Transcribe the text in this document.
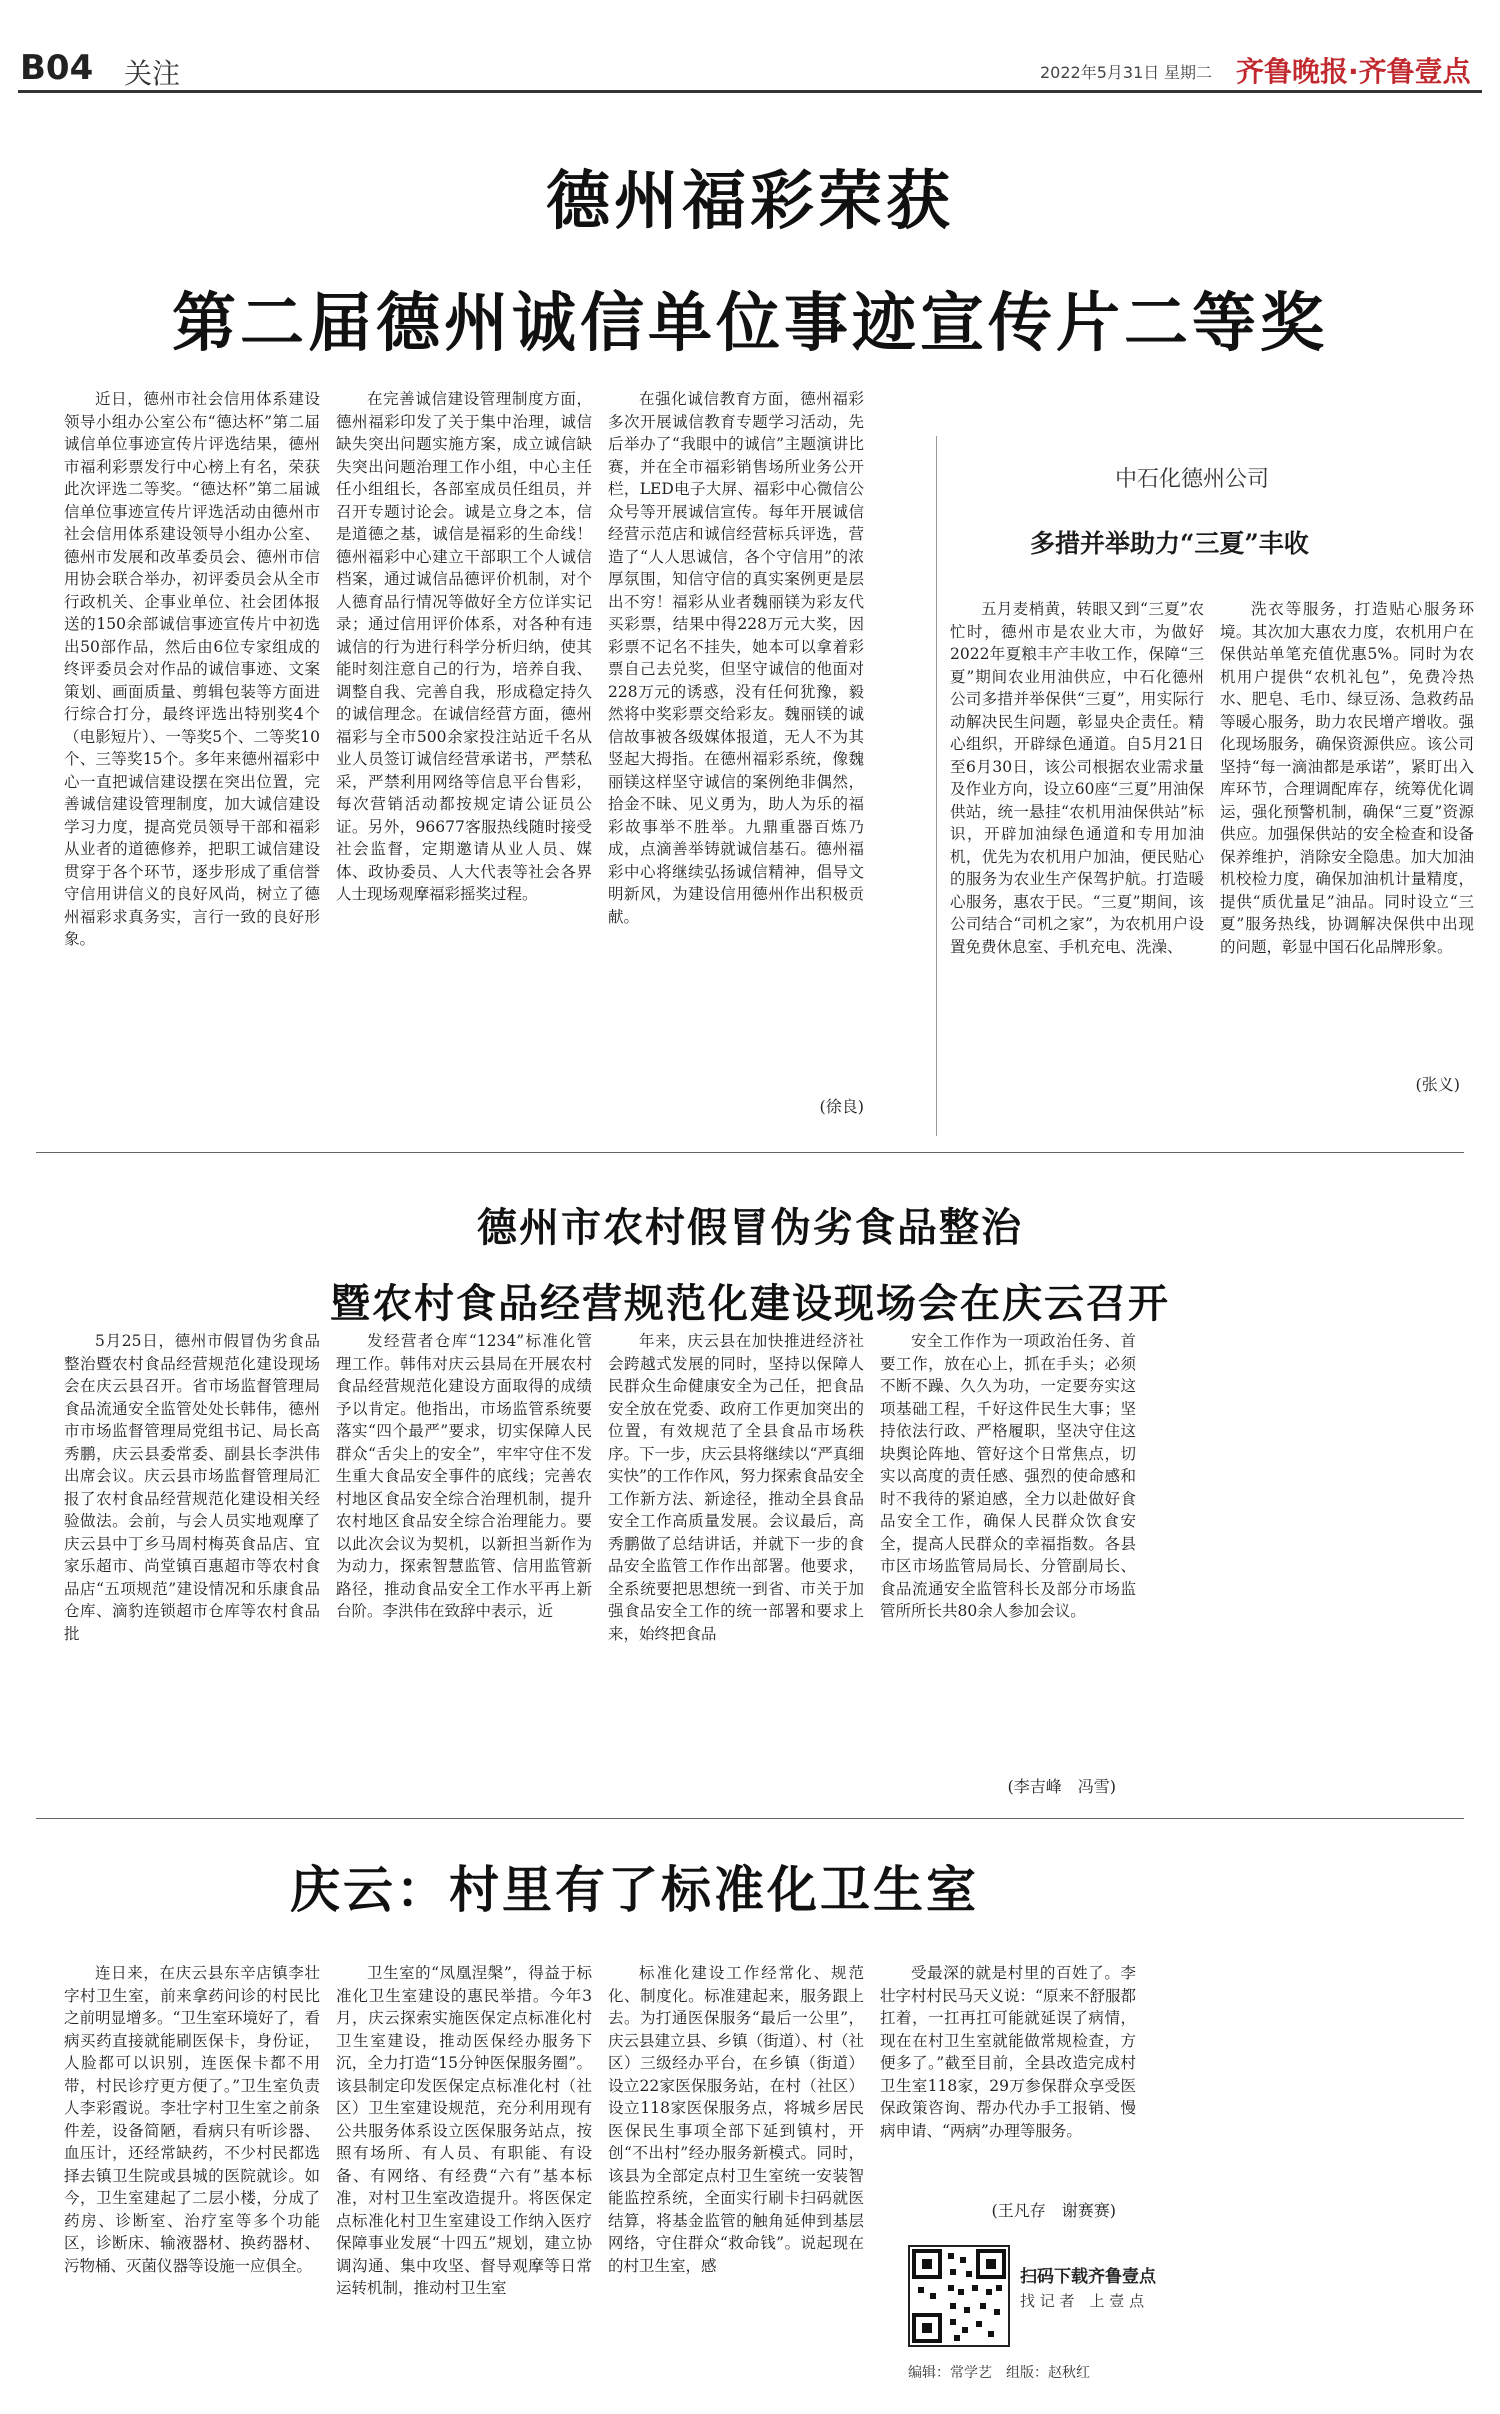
B04 关注	2022年5月31日 星期二 齐鲁晚报·齐鲁壹点
德州福彩荣获
第二届德州诚信单位事迹宣传片二等奖

近日，德州市社会信用体系建设领导小组办公室公布“德达杯”第二届诚信单位事迹宣传片评选结果，德州市福利彩票发行中心榜上有名，荣获此次评选二等奖。“德达杯”第二届诚信单位事迹宣传片评选活动由德州市社会信用体系建设领导小组办公室、德州市发展和改革委员会、德州市信用协会联合举办，初评委员会从全市行政机关、企事业单位、社会团体报送的150余部诚信事迹宣传片中初选出50部作品，然后由6位专家组成的终评委员会对作品的诚信事迹、文案策划、画面质量、剪辑包装等方面进行综合打分，最终评选出特别奖4个（电影短片）、一等奖5个、二等奖10个、三等奖15个。多年来德州福彩中心一直把诚信建设摆在突出位置，完善诚信建设管理制度，加大诚信建设学习力度，提高党员领导干部和福彩从业者的道德修养，把职工诚信建设贯穿于各个环节，逐步形成了重信誉守信用讲信义的良好风尚，树立了德州福彩求真务实，言行一致的良好形象。

在完善诚信建设管理制度方面，德州福彩印发了关于集中治理，诚信缺失突出问题实施方案，成立诚信缺失突出问题治理工作小组，中心主任任小组组长，各部室成员任组员，并召开专题讨论会。诚是立身之本，信是道德之基，诚信是福彩的生命线！德州福彩中心建立干部职工个人诚信档案，通过诚信品德评价机制，对个人德育品行情况等做好全方位详实记录；通过信用评价体系，对各种有违诚信的行为进行科学分析归纳，使其能时刻注意自己的行为，培养自我、调整自我、完善自我，形成稳定持久的诚信理念。在诚信经营方面，德州福彩与全市500余家投注站近千名从业人员签订诚信经营承诺书，严禁私采，严禁利用网络等信息平台售彩，每次营销活动都按规定请公证员公证。另外，96677客服热线随时接受社会监督，定期邀请从业人员、媒体、政协委员、人大代表等社会各界人士现场观摩福彩摇奖过程。

在强化诚信教育方面，德州福彩多次开展诚信教育专题学习活动，先后举办了“我眼中的诚信”主题演讲比赛，并在全市福彩销售场所业务公开栏，LED电子大屏、福彩中心微信公众号等开展诚信宣传。每年开展诚信经营示范店和诚信经营标兵评选，营造了“人人思诚信，各个守信用”的浓厚氛围，知信守信的真实案例更是层出不穷！福彩从业者魏丽镁为彩友代买彩票，结果中得228万元大奖，因彩票不记名不挂失，她本可以拿着彩票自己去兑奖，但坚守诚信的他面对228万元的诱惑，没有任何犹豫，毅然将中奖彩票交给彩友。魏丽镁的诚信故事被各级媒体报道，无人不为其竖起大拇指。在德州福彩系统，像魏丽镁这样坚守诚信的案例绝非偶然，拾金不昧、见义勇为，助人为乐的福彩故事举不胜举。九鼎重器百炼乃成，点滴善举铸就诚信基石。德州福彩中心将继续弘扬诚信精神，倡导文明新风，为建设信用德州作出积极贡献。

(徐良)
中石化德州公司
多措并举助力“三夏”丰收

五月麦梢黄，转眼又到“三夏”农忙时，德州市是农业大市，为做好2022年夏粮丰产丰收工作，保障“三夏”期间农业用油供应，中石化德州公司多措并举保供“三夏”，用实际行动解决民生问题，彰显央企责任。精心组织，开辟绿色通道。自5月21日至6月30日，该公司根据农业需求量及作业方向，设立60座“三夏”用油保供站，统一悬挂“农机用油保供站”标识，开辟加油绿色通道和专用加油机，优先为农机用户加油，便民贴心的服务为农业生产保驾护航。打造暖心服务，惠农于民。“三夏”期间，该公司结合“司机之家”，为农机用户设置免费休息室、手机充电、洗澡、

洗衣等服务，打造贴心服务环境。其次加大惠农力度，农机用户在保供站单笔充值优惠5%。同时为农机用户提供“农机礼包”，免费冷热水、肥皂、毛巾、绿豆汤、急救药品等暖心服务，助力农民增产增收。强化现场服务，确保资源供应。该公司坚持“每一滴油都是承诺”，紧盯出入库环节，合理调配库存，统筹优化调运，强化预警机制，确保“三夏”资源供应。加强保供站的安全检查和设备保养维护，消除安全隐患。加大加油机校检力度，确保加油机计量精度，提供“质优量足”油品。同时设立“三夏”服务热线，协调解决保供中出现的问题，彰显中国石化品牌形象。

(张义)
德州市农村假冒伪劣食品整治
暨农村食品经营规范化建设现场会在庆云召开

5月25日，德州市假冒伪劣食品整治暨农村食品经营规范化建设现场会在庆云县召开。省市场监督管理局食品流通安全监管处处长韩伟，德州市市场监督管理局党组书记、局长高秀鹏，庆云县委常委、副县长李洪伟出席会议。庆云县市场监督管理局汇报了农村食品经营规范化建设相关经验做法。会前，与会人员实地观摩了庆云县中丁乡马周村梅英食品店、宜家乐超市、尚堂镇百惠超市等农村食品店“五项规范”建设情况和乐康食品仓库、滴豹连锁超市仓库等农村食品批

发经营者仓库“1234”标准化管理工作。韩伟对庆云县局在开展农村食品经营规范化建设方面取得的成绩予以肯定。他指出，市场监管系统要落实“四个最严”要求，切实保障人民群众“舌尖上的安全”，牢牢守住不发生重大食品安全事件的底线；完善农村地区食品安全综合治理机制，提升农村地区食品安全综合治理能力。要以此次会议为契机，以新担当新作为为动力，探索智慧监管、信用监管新路径，推动食品安全工作水平再上新台阶。李洪伟在致辞中表示，近

年来，庆云县在加快推进经济社会跨越式发展的同时，坚持以保障人民群众生命健康安全为己任，把食品安全放在党委、政府工作更加突出的位置，有效规范了全县食品市场秩序。下一步，庆云县将继续以“严真细实快”的工作作风，努力探索食品安全工作新方法、新途径，推动全县食品安全工作高质量发展。会议最后，高秀鹏做了总结讲话，并就下一步的食品安全监管工作作出部署。他要求，全系统要把思想统一到省、市关于加强食品安全工作的统一部署和要求上来，始终把食品

安全工作作为一项政治任务、首要工作，放在心上，抓在手头；必须不断不躁、久久为功，一定要夯实这项基础工程，千好这件民生大事；坚持依法行政、严格履职，坚决守住这块舆论阵地、管好这个日常焦点，切实以高度的责任感、强烈的使命感和时不我待的紧迫感，全力以赴做好食品安全工作，确保人民群众饮食安全，提高人民群众的幸福指数。各县市区市场监管局局长、分管副局长、食品流通安全监管科长及部分市场监管所所长共80余人参加会议。

(李吉峰　冯雪)
庆云：村里有了标准化卫生室

连日来，在庆云县东辛店镇李壮字村卫生室，前来拿药问诊的村民比之前明显增多。“卫生室环境好了，看病买药直接就能刷医保卡，身份证，人脸都可以识别，连医保卡都不用带，村民诊疗更方便了。”卫生室负责人李彩霞说。李壮字村卫生室之前条件差，设备简陋，看病只有听诊器、血压计，还经常缺药，不少村民都选择去镇卫生院或县城的医院就诊。如今，卫生室建起了二层小楼，分成了药房、诊断室、治疗室等多个功能区，诊断床、输液器材、换药器材、污物桶、灭菌仪器等设施一应俱全。

卫生室的“凤凰涅槃”，得益于标准化卫生室建设的惠民举措。今年3月，庆云探索实施医保定点标准化村卫生室建设，推动医保经办服务下沉，全力打造“15分钟医保服务圈”。该县制定印发医保定点标准化村（社区）卫生室建设规范，充分利用现有公共服务体系设立医保服务站点，按照有场所、有人员、有职能、有设备、有网络、有经费“六有”基本标准，对村卫生室改造提升。将医保定点标准化村卫生室建设工作纳入医疗保障事业发展“十四五”规划，建立协调沟通、集中攻坚、督导观摩等日常运转机制，推动村卫生室

标准化建设工作经常化、规范化、制度化。标准建起来，服务跟上去。为打通医保服务“最后一公里”，庆云县建立县、乡镇（街道）、村（社区）三级经办平台，在乡镇（街道）设立22家医保服务站，在村（社区）设立118家医保服务点，将城乡居民医保民生事项全部下延到镇村，开创“不出村”经办服务新模式。同时，该县为全部定点村卫生室统一安装智能监控系统，全面实行刷卡扫码就医结算，将基金监管的触角延伸到基层网络，守住群众“救命钱”。说起现在的村卫生室，感

受最深的就是村里的百姓了。李壮字村村民马天义说：“原来不舒服都扛着，一扛再扛可能就延误了病情，现在在村卫生室就能做常规检查，方便多了。”截至目前，全县改造完成村卫生室118家，29万参保群众享受医保政策咨询、帮办代办手工报销、慢病申请、“两病”办理等服务。

(王凡存　谢赛赛)
扫码下载齐鲁壹点
找 记 者　上 壹 点
编辑：常学艺　组版：赵秋红
